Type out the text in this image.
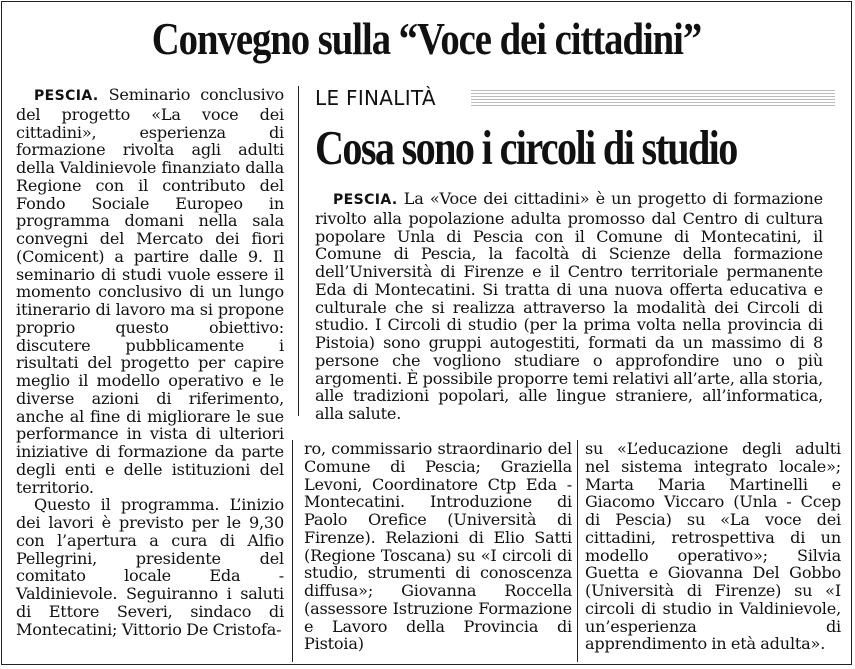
Convegno sulla “Voce dei cittadini”

PESCIA. Seminario conclusivo del progetto «La voce dei cittadini», esperienza di formazione rivolta agli adulti della Valdinievole finanziato dalla Regione con il contributo del Fondo Sociale Europeo in programma domani nella sala convegni del Mercato dei fiori (Comicent) a partire dalle 9. Il seminario di studi vuole essere il momento conclusivo di un lungo itinerario di lavoro ma si propone proprio questo obiettivo: discutere pubblicamente i risultati del progetto per capire meglio il modello operativo e le diverse azioni di riferimento, anche al fine di migliorare le sue performance in vista di ulteriori iniziative di formazione da parte degli enti e delle istituzioni del territorio.

Questo il programma. L’inizio dei lavori è previsto per le 9,30 con l’apertura a cura di Alfio Pellegrini, presidente del comitato locale Eda - Valdinievole. Seguiranno i saluti di Ettore Severi, sindaco di Montecatini; Vittorio De Cristofa-

LE FINALITÀ
Cosa sono i circoli di studio

PESCIA. La «Voce dei cittadini» è un progetto di formazione rivolto alla popolazione adulta promosso dal Centro di cultura popolare Unla di Pescia con il Comune di Montecatini, il Comune di Pescia, la facoltà di Scienze della formazione dell’Università di Firenze e il Centro territoriale permanente Eda di Montecatini. Si tratta di una nuova offerta educativa e culturale che si realizza attraverso la modalità dei Circoli di studio. I Circoli di studio (per la prima volta nella provincia di Pistoia) sono gruppi autogestiti, formati da un massimo di 8 persone che vogliono studiare o approfondire uno o più argomenti. È possibile proporre temi relativi all’arte, alla storia, alle tradizioni popolari, alle lingue straniere, all’informatica, alla salute.

ro, commissario straordinario del Comune di Pescia; Graziella Levoni, Coordinatore Ctp Eda - Montecatini. Introduzione di Paolo Orefice (Università di Firenze). Relazioni di Elio Satti (Regione Toscana) su «I circoli di studio, strumenti di conoscenza diffusa»; Giovanna Roccella (assessore Istruzione Formazione e Lavoro della Provincia di Pistoia)

su «L’educazione degli adulti nel sistema integrato locale»; Marta Maria Martinelli e Giacomo Viccaro (Unla - Ccep di Pescia) su «La voce dei cittadini, retrospettiva di un modello operativo»; Silvia Guetta e Giovanna Del Gobbo (Università di Firenze) su «I circoli di studio in Valdinievole, un’esperienza di apprendimento in età adulta».
